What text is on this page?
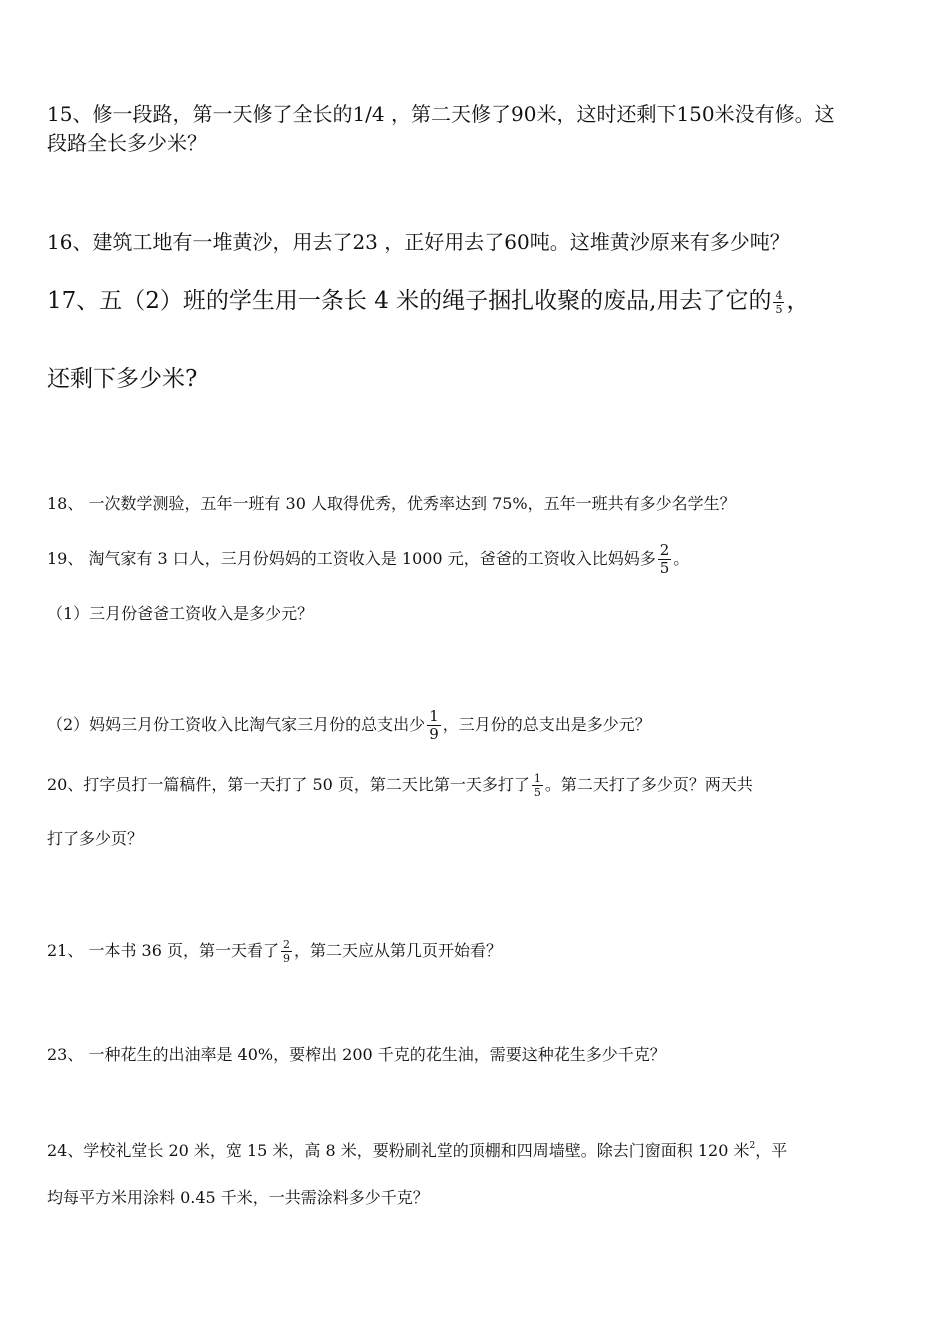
15、修一段路，第一天修了全长的1/4 ，第二天修了90米，这时还剩下150米没有修。这
段路全长多少米？
16、建筑工地有一堆黄沙，用去了23 ，正好用去了60吨。这堆黄沙原来有多少吨？
17、五（2）班的学生用一条长 4 米的绳子捆扎收聚的废品,用去了它的 $\frac{4}{5}$ ，
还剩下多少米?
18、 一次数学测验，五年一班有 30 人取得优秀，优秀率达到 75%，五年一班共有多少名学生？
19、 淘气家有 3 口人，三月份妈妈的工资收入是 1000 元，爸爸的工资收入比妈妈多 $\frac{2}{5}$ 。
（1）三月份爸爸工资收入是多少元？
（2）妈妈三月份工资收入比淘气家三月份的总支出少 $\frac{1}{9}$ ，三月份的总支出是多少元？
20、打字员打一篇稿件，第一天打了 50 页，第二天比第一天多打了 $\frac{1}{5}$ 。第二天打了多少页？两天共
打了多少页？
21、 一本书 36 页，第一天看了 $\frac{2}{9}$ ，第二天应从第几页开始看？
23、 一种花生的出油率是 40%，要榨出 200 千克的花生油，需要这种花生多少千克？
24、学校礼堂长 20 米，宽 15 米，高 8 米，要粉刷礼堂的顶棚和四周墙壁。除去门窗面积 120 米$^2$，平
均每平方米用涂料 0.45 千米，一共需涂料多少千克？
